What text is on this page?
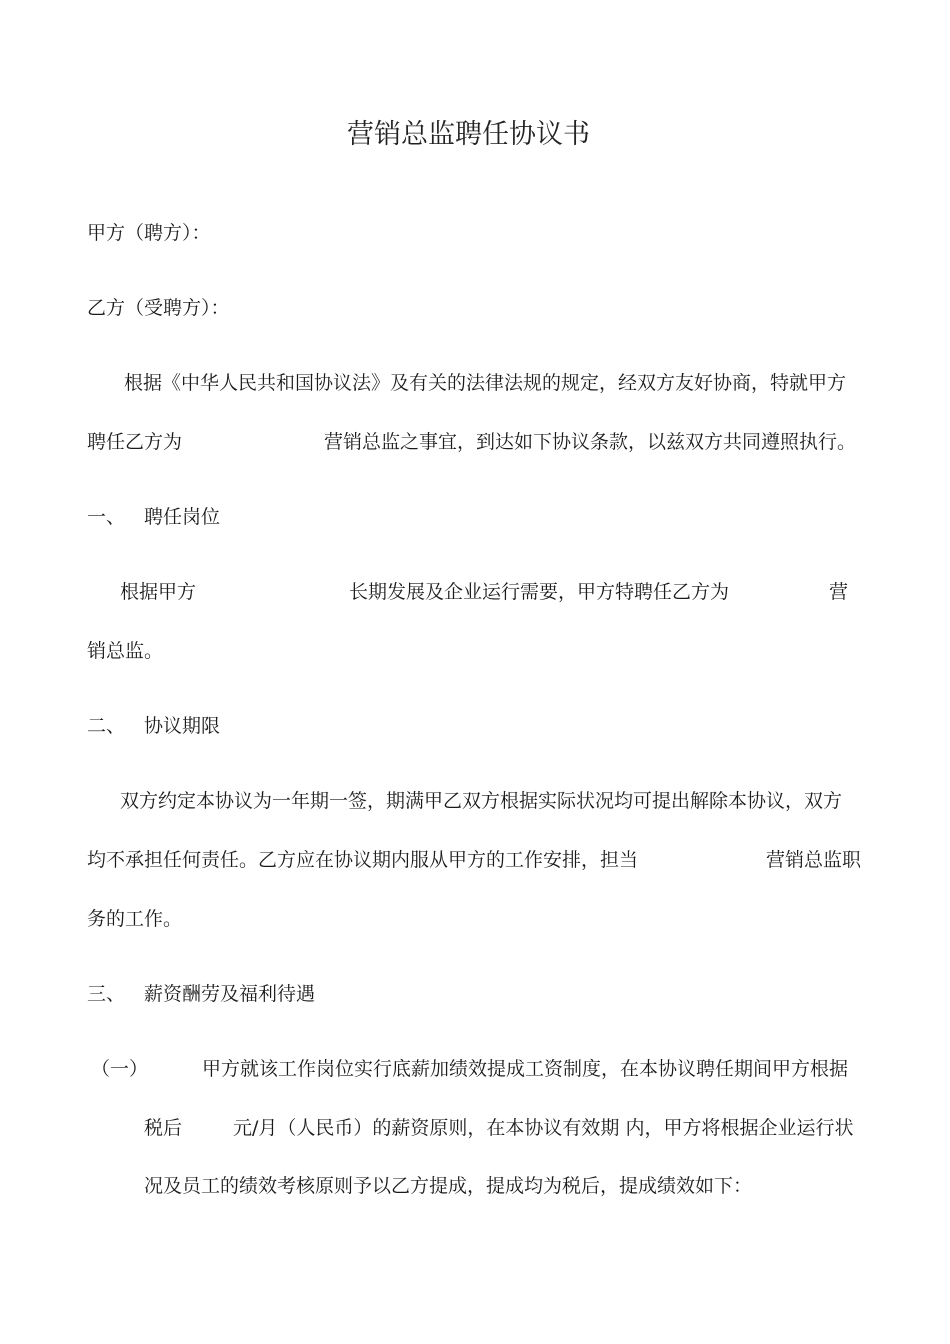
营销总监聘任协议书
甲方（聘方）：
乙方（受聘方）：
根据《中华人民共和国协议法》及有关的法律法规的规定，经双方友好协商，特就甲方
聘任乙方为	营销总监之事宜，到达如下协议条款，以兹双方共同遵照执行。
一、 聘任岗位
根据甲方	长期发展及企业运行需要，甲方特聘任乙方为	营
销总监。
二、 协议期限
双方约定本协议为一年期一签，期满甲乙双方根据实际状况均可提出解除本协议，双方
均不承担任何责任。乙方应在协议期内服从甲方的工作安排，担当	营销总监职
务的工作。
三、 薪资酬劳及福利待遇
（一）	甲方就该工作岗位实行底薪加绩效提成工资制度，在本协议聘任期间甲方根据
税后	元/月（人民币）的薪资原则，在本协议有效期 内，甲方将根据企业运行状
况及员工的绩效考核原则予以乙方提成，提成均为税后，提成绩效如下：
